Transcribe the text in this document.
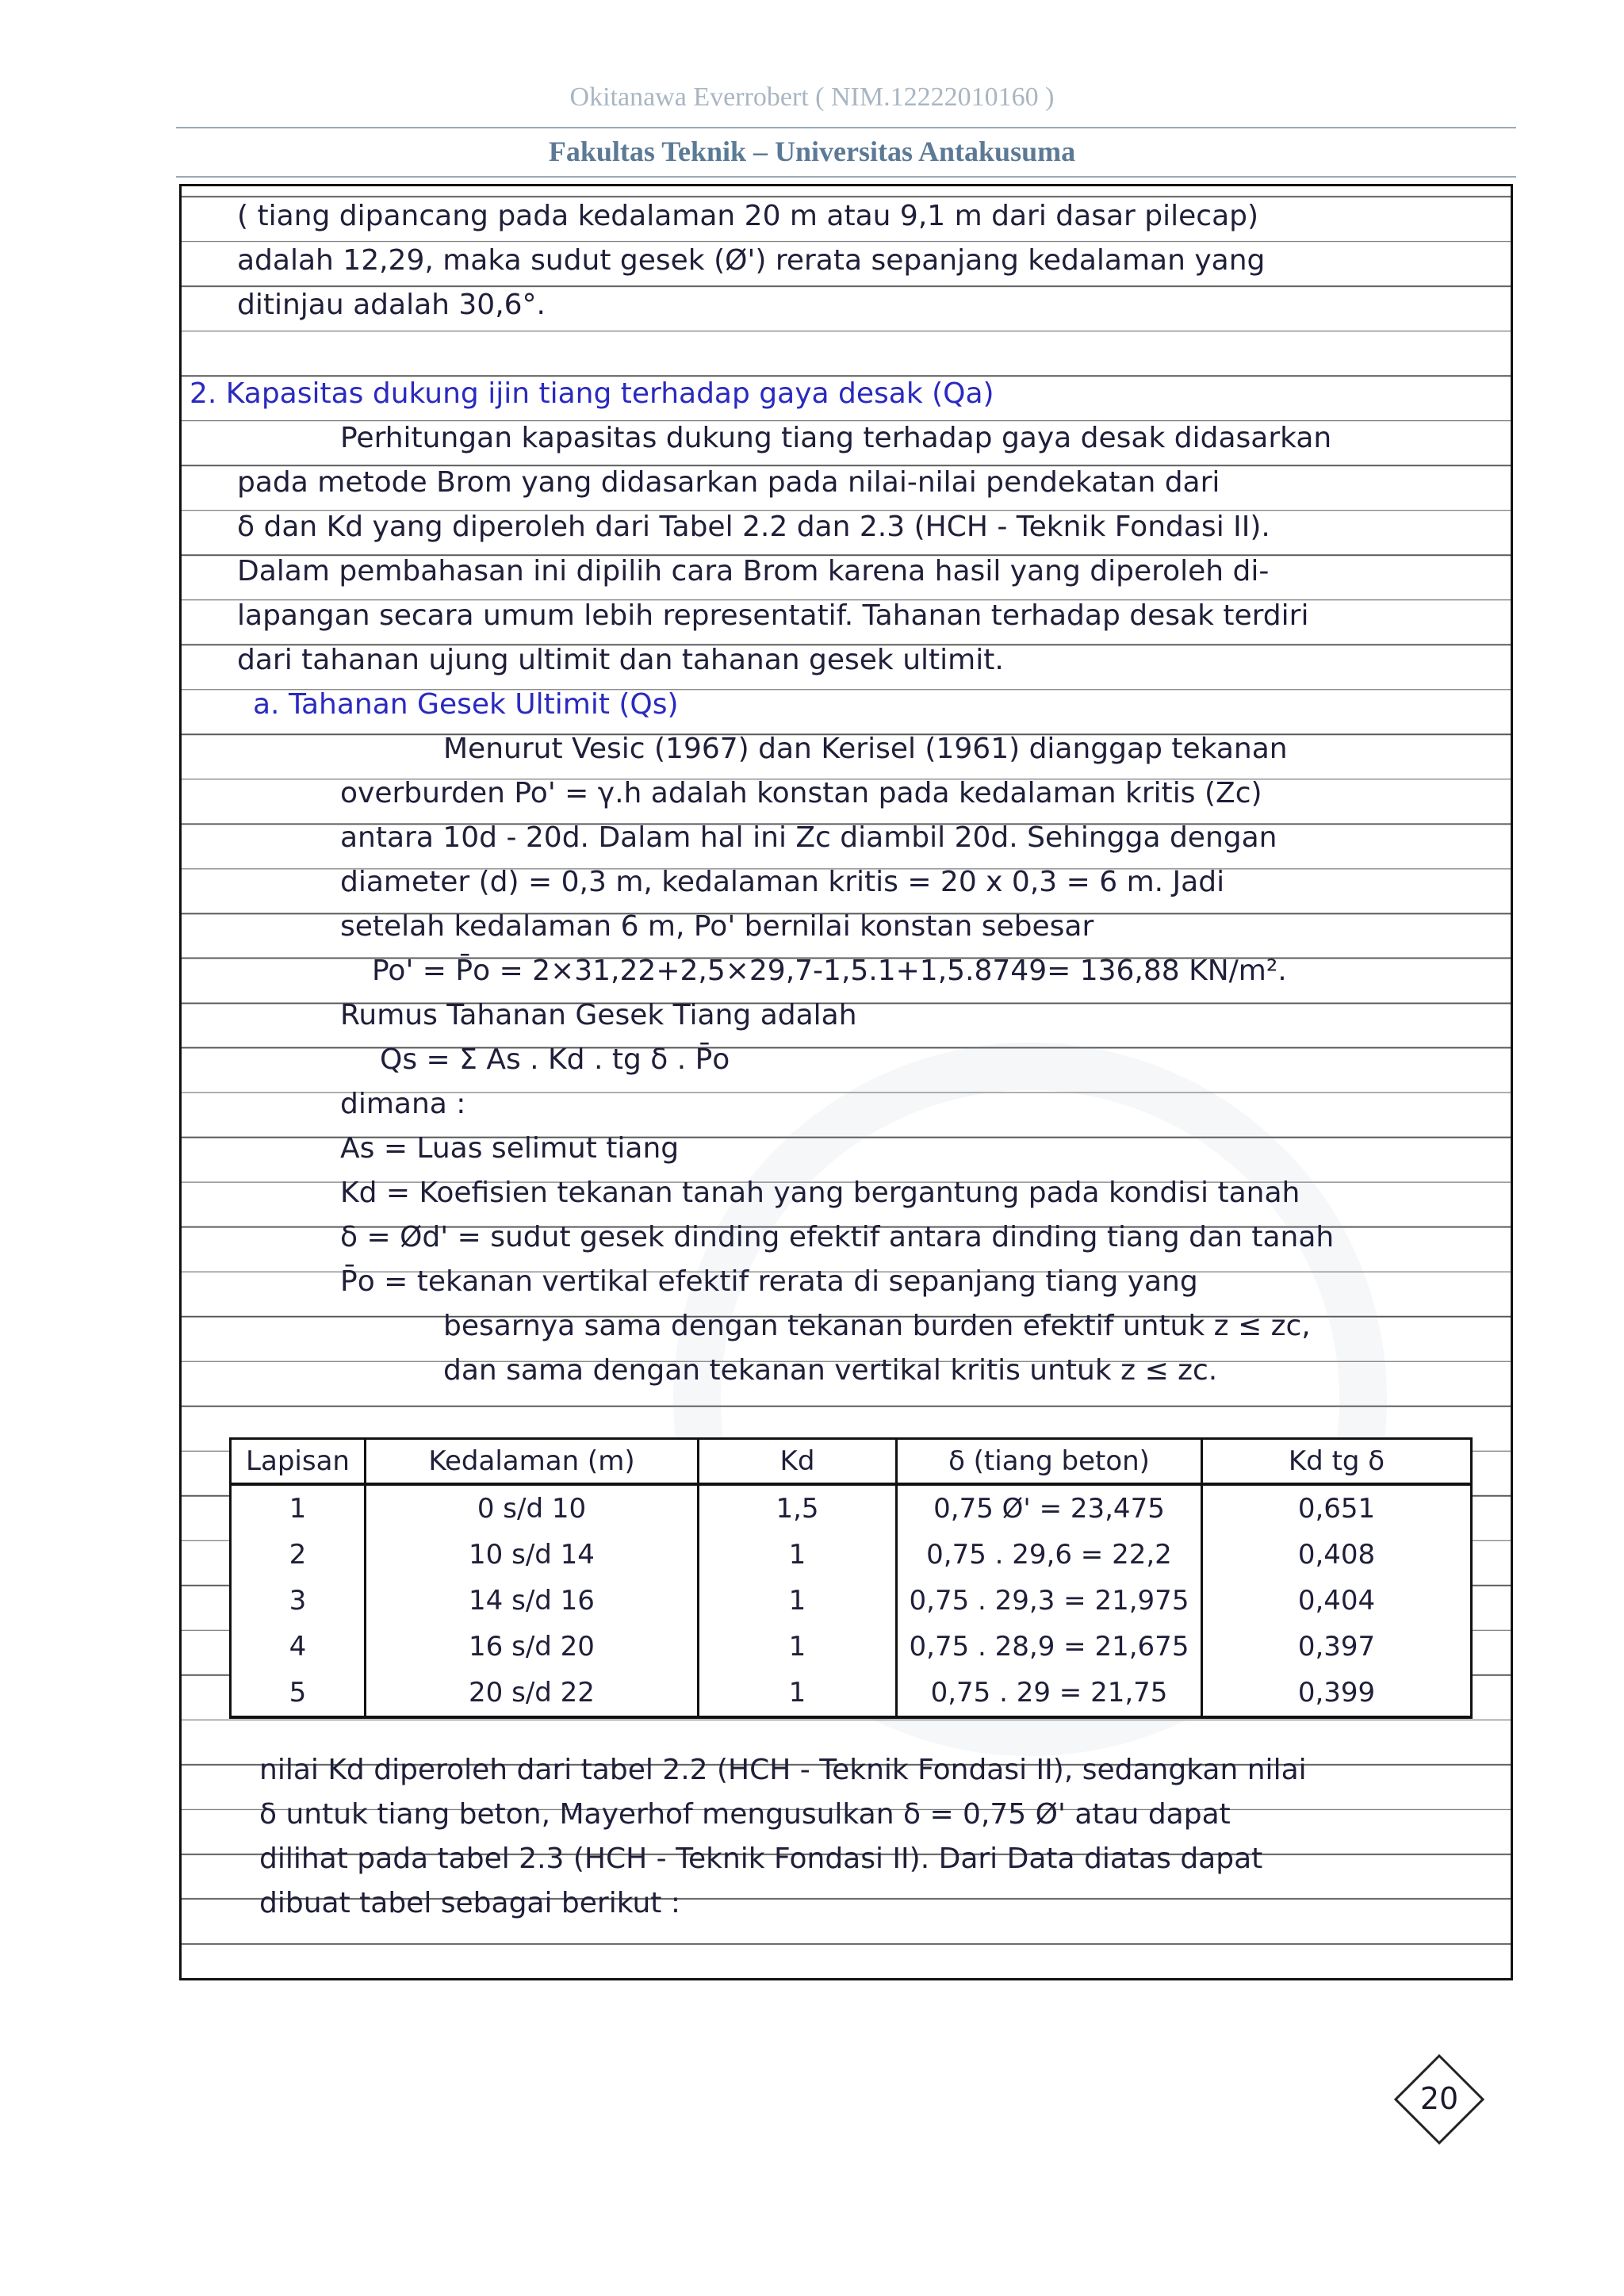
Okitanawa Everrobert ( NIM.12222010160 )
Fakultas Teknik – Universitas Antakusuma
( tiang dipancang pada kedalaman 20 m atau 9,1 m dari dasar pilecap)
adalah 12,29, maka sudut gesek (Ø') rerata sepanjang kedalaman yang
ditinjau adalah 30,6°.
2. Kapasitas dukung ijin tiang terhadap gaya desak (Qa)
Perhitungan kapasitas dukung tiang terhadap gaya desak didasarkan
pada metode Brom yang didasarkan pada nilai-nilai pendekatan dari
δ dan Kd yang diperoleh dari Tabel 2.2 dan 2.3 (HCH - Teknik Fondasi II).
Dalam pembahasan ini dipilih cara Brom karena hasil yang diperoleh di-
lapangan secara umum lebih representatif. Tahanan terhadap desak terdiri
dari tahanan ujung ultimit dan tahanan gesek ultimit.
a. Tahanan Gesek Ultimit (Qs)
Menurut Vesic (1967) dan Kerisel (1961) dianggap tekanan
overburden Po' = γ.h adalah konstan pada kedalaman kritis (Zc)
antara 10d - 20d. Dalam hal ini Zc diambil 20d. Sehingga dengan
diameter (d) = 0,3 m, kedalaman kritis = 20 x 0,3 = 6 m. Jadi
setelah kedalaman 6 m, Po' bernilai konstan sebesar
Po' = P̄o = 2×31,22+2,5×29,7-1,5.1+1,5.8749= 136,88 KN/m².
Rumus Tahanan Gesek Tiang adalah
Qs = Σ As . Kd . tg δ . P̄o
dimana :
As = Luas selimut tiang
Kd = Koefisien tekanan tanah yang bergantung pada kondisi tanah
δ = Ød' = sudut gesek dinding efektif antara dinding tiang dan tanah
P̄o = tekanan vertikal efektif rerata di sepanjang tiang yang
besarnya sama dengan tekanan burden efektif untuk z ≤ zc,
dan sama dengan tekanan vertikal kritis untuk z ≤ zc.
Lapisan	Kedalaman (m)	Kd	δ (tiang beton)	Kd tg δ
1	0 s/d 10	1,5	0,75 Ø' = 23,475	0,651
2	10 s/d 14	1	0,75 . 29,6 = 22,2	0,408
3	14 s/d 16	1	0,75 . 29,3 = 21,975	0,404
4	16 s/d 20	1	0,75 . 28,9 = 21,675	0,397
5	20 s/d 22	1	0,75 . 29 = 21,75	0,399
nilai Kd diperoleh dari tabel 2.2 (HCH - Teknik Fondasi II), sedangkan nilai
δ untuk tiang beton, Mayerhof mengusulkan δ = 0,75 Ø' atau dapat
dilihat pada tabel 2.3 (HCH - Teknik Fondasi II). Dari Data diatas dapat
dibuat tabel sebagai berikut :
20
